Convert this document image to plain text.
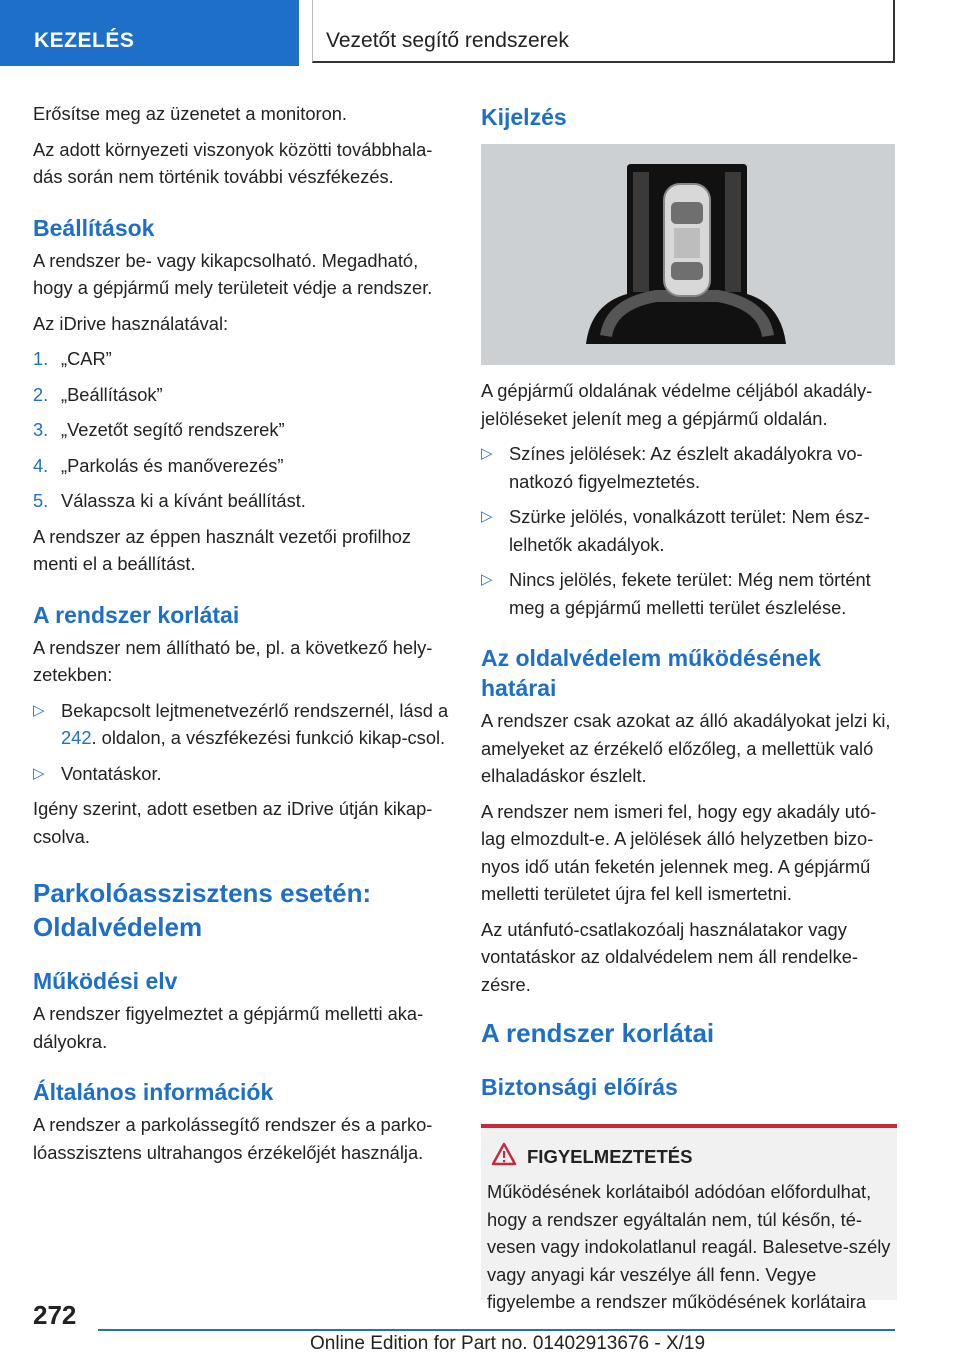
KEZELÉS	Vezetőt segítő rendszerek

Erősítse meg az üzenetet a monitoron.

Az adott környezeti viszonyok közötti továbbhala-dás során nem történik további vészfékezés.

Beállítások

A rendszer be- vagy kikapcsolható. Megadható, hogy a gépjármű mely területeit védje a rendszer.

Az iDrive használatával:

1. „CAR”
2. „Beállítások”
3. „Vezetőt segítő rendszerek”
4. „Parkolás és manőverezés”
5. Válassza ki a kívánt beállítást.

A rendszer az éppen használt vezetői profilhoz menti el a beállítást.

A rendszer korlátai

A rendszer nem állítható be, pl. a következő hely-zetekben:

▷ Bekapcsolt lejtmenetvezérlő rendszernél, lásd a 242. oldalon, a vészfékezési funkció kikap-csol.
▷ Vontatáskor.

Igény szerint, adott esetben az iDrive útján kikap-csolva.

Parkolóasszisztens esetén: Oldalvédelem
Működési elv

A rendszer figyelmeztet a gépjármű melletti aka-dályokra.

Általános információk

A rendszer a parkolássegítő rendszer és a parko-lóasszisztens ultrahangos érzékelőjét használja.

Kijelzés

A gépjármű oldalának védelme céljából akadály-jelöléseket jelenít meg a gépjármű oldalán.

▷ Színes jelölések: Az észlelt akadályokra vo-natkozó figyelmeztetés.
▷ Szürke jelölés, vonalkázott terület: Nem ész-lelhetők akadályok.
▷ Nincs jelölés, fekete terület: Még nem történt meg a gépjármű melletti terület észlelése.
Az oldalvédelem működésének határai

A rendszer csak azokat az álló akadályokat jelzi ki, amelyeket az érzékelő előzőleg, a mellettük való elhaladáskor észlelt.

A rendszer nem ismeri fel, hogy egy akadály utó-lag elmozdult-e. A jelölések álló helyzetben bizo-nyos idő után feketén jelennek meg. A gépjármű melletti területet újra fel kell ismertetni.

Az utánfutó-csatlakozóalj használatakor vagy vontatáskor az oldalvédelem nem áll rendelke-zésre.

A rendszer korlátai
Biztonsági előírás
FIGYELMEZTETÉS

Működésének korlátaiból adódóan előfordulhat, hogy a rendszer egyáltalán nem, túl későn, té-vesen vagy indokolatlanul reagál. Balesetve-szély vagy anyagi kár veszélye áll fenn. Vegye figyelembe a rendszer működésének korlátaira

272
Online Edition for Part no. 01402913676 - X/19
